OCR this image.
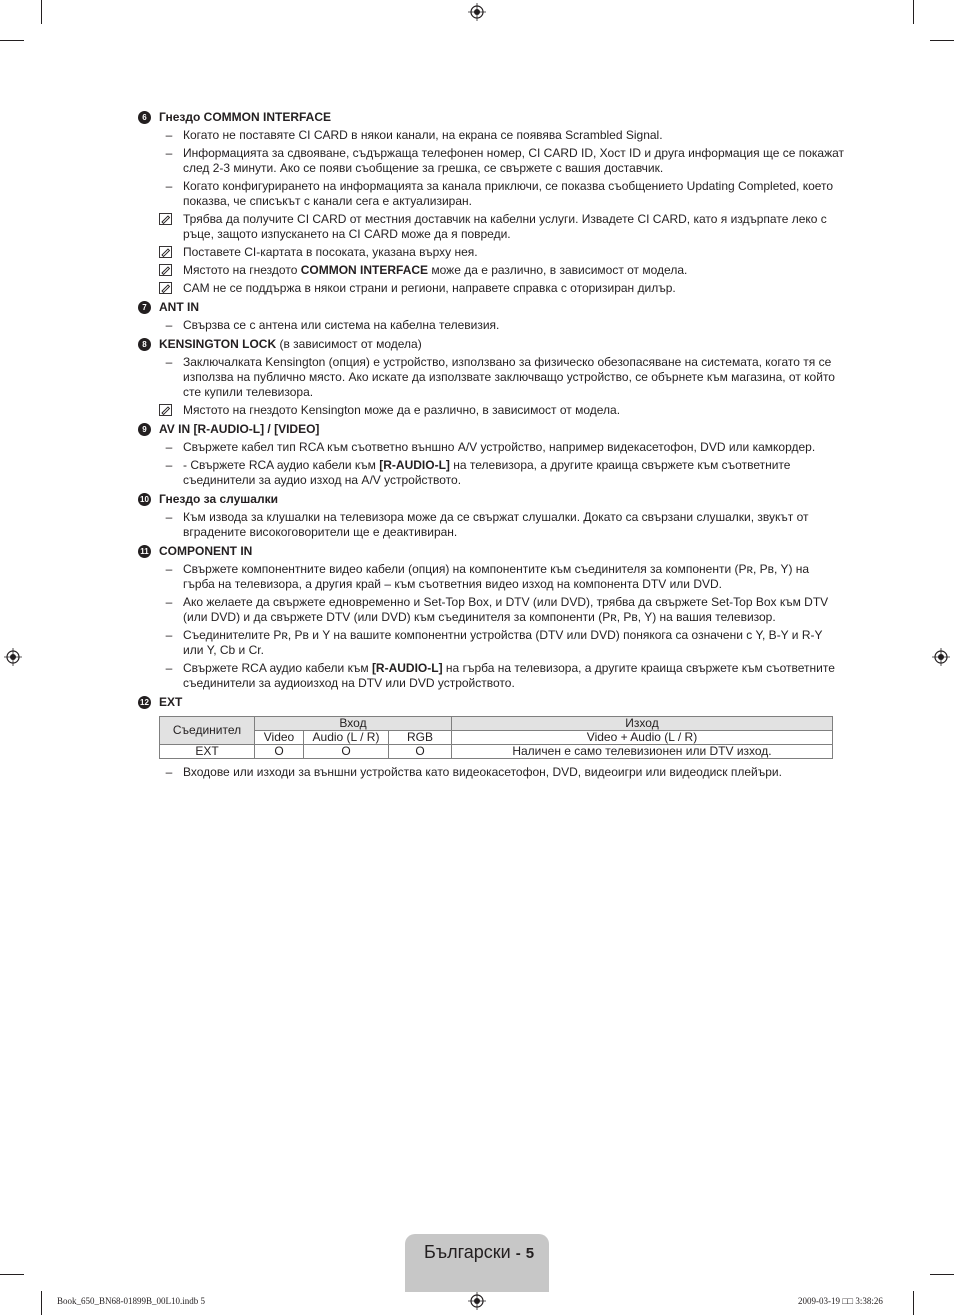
6	Гнездо COMMON INTERFACE
– Когато не поставяте CI CARD в някои канали, на екрана се появява Scrambled Signal.
– Информацията за сдвояване, съдържаща телефонен номер, CI CARD ID, Хост ID и друга информация ще се покажат след 2-3 минути. Ако се появи съобщение за грешка, се свържете с вашия доставчик.
– Когато конфигурирането на информацията за канала приключи, се показва съобщението Updating Completed, което показва, че списъкът с канали сега е актуализиран.
Трябва да получите CI CARD от местния доставчик на кабелни услуги. Извадете CI CARD, като я издърпате леко с ръце, защото изпускането на CI CARD може да я повреди.
Поставете CI-картата в посоката, указана върху нея.
Мястото на гнездото COMMON INTERFACE може да е различно, в зависимост от модела.
CAM не се поддържа в някои страни и региони, направете справка с оторизиран дилър.
7	ANT IN
– Свързва се с антена или система на кабелна телевизия.
8	KENSINGTON LOCK (в зависимост от модела)
– Заключалката Kensington (опция) е устройство, използвано за физическо обезопасяване на системата, когато тя се използва на публично място. Ако искате да използвате заключващо устройство, се обърнете към магазина, от който сте купили телевизора.
Мястото на гнездото Kensington може да е различно, в зависимост от модела.
9	AV IN [R-AUDIO-L] / [VIDEO]
– Свържете кабел тип RCA към съответно външно A/V устройство, например видекасетофон, DVD или камкордер.
– - Свържете RCA аудио кабели към [R-AUDIO-L] на телевизора, а другите краища свържете към съответните съединители за аудио изход на A/V устройството.
10 Гнездо за слушалки
– Към извода за клушалки на телевизора може да се свържат слушалки. Докато са свързани слушалки, звукът от вградените високоговорители ще е деактивиран.
11 COMPONENT IN
– Свържете компонентните видео кабели (опция) на компонентите към съединителя за компоненти (Pʀ, Pʙ, Y) на гърба на телевизора, а другия край – към съответния видео изход на компонента DTV или DVD.
– Ако желаете да свържете едновременно и Set-Top Box, и DTV (или DVD), трябва да свържете Set-Top Box към DTV (или DVD) и да свържете DTV (или DVD) към съединителя за компоненти (Pʀ, Pʙ, Y) на вашия телевизор.
– Съединителите Pʀ, Pʙ и Y на вашите компонентни устройства (DTV или DVD) понякога са означени с Y, B-Y и R-Y или Y, Cb и Cr.
– Свържете RCA аудио кабели към [R-AUDIO-L] на гърба на телевизора, а другите краища свържете към съответните съединители за аудиоизход на DTV или DVD устройството.
12 EXT
Съединител	Вход			Изход
	Video	Audio (L / R)	RGB	Video + Audio (L / R)
EXT	O	O	O	Наличен е само телевизионен или DTV изход.
– Входове или изходи за външни устройства като видеокасетофон, DVD, видеоигри или видеодиск плейъри.
Български - 5
Book_650_BN68-01899B_00L10.indb 5	2009-03-19 □□ 3:38:26
